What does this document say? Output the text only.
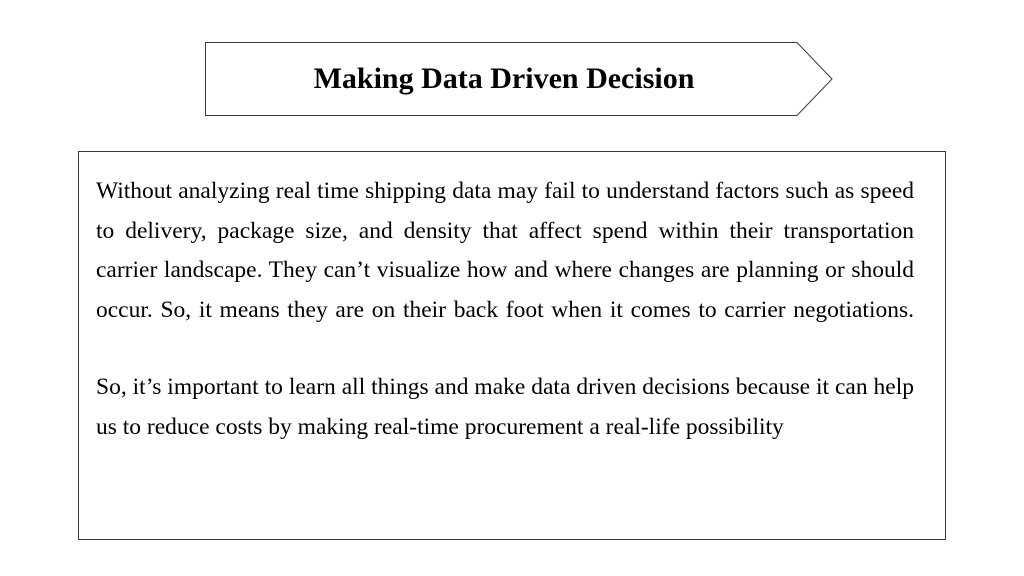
Making Data Driven Decision

Without analyzing real time shipping data may fail to understand factors such as speed to delivery, package size, and density that affect spend within their transportation carrier landscape. They can’t visualize how and where changes are planning or should occur. So, it means they are on their back foot when it comes to carrier negotiations.

So, it’s important to learn all things and make data driven decisions because it can help us to reduce costs by making real-time procurement a real-life possibility
